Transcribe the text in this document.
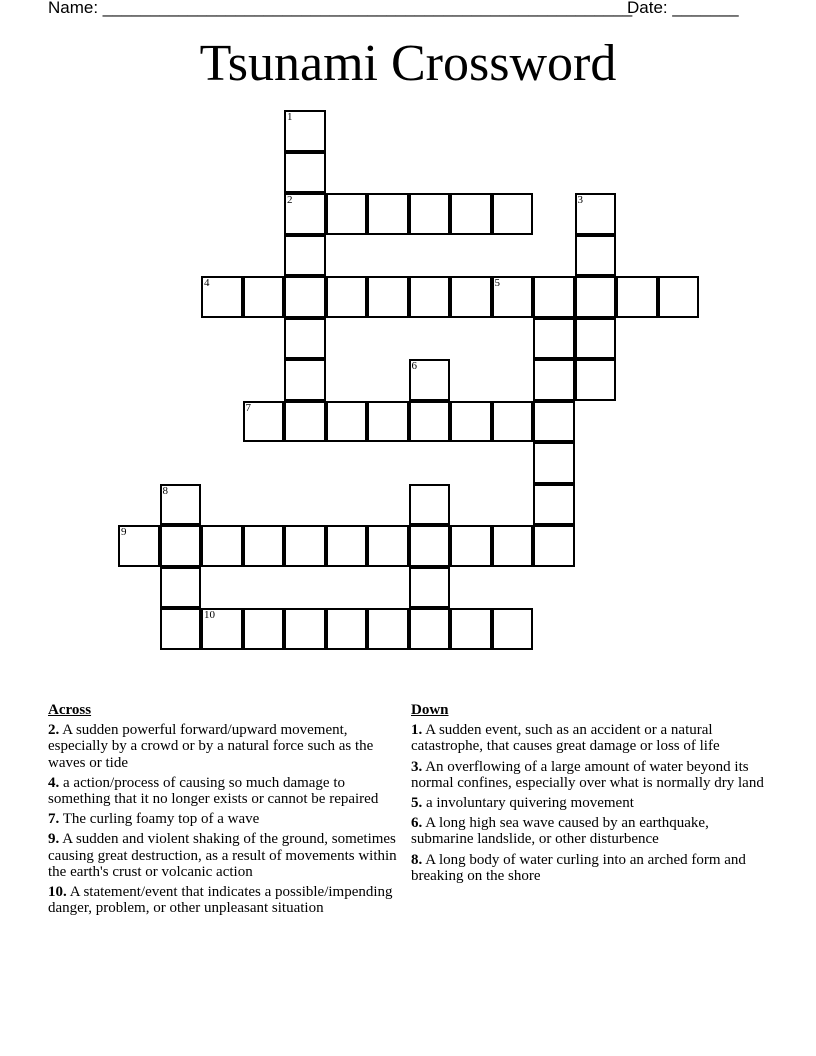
Name: ________________________________________________________
Date: _______
Tsunami Crossword
1
2	3
4	5
6
7
8
9
10
Across
2. A sudden powerful forward/upward movement, especially by a crowd or by a natural force such as the waves or tide
4. a action/process of causing so much damage to something that it no longer exists or cannot be repaired
7. The curling foamy top of a wave
9. A sudden and violent shaking of the ground, sometimes causing great destruction, as a result of movements within the earth's crust or volcanic action
10. A statement/event that indicates a possible/impending danger, problem, or other unpleasant situation
Down
1. A sudden event, such as an accident or a natural catastrophe, that causes great damage or loss of life
3. An overflowing of a large amount of water beyond its normal confines, especially over what is normally dry land
5. a involuntary quivering movement
6. A long high sea wave caused by an earthquake, submarine landslide, or other disturbence
8. A long body of water curling into an arched form and breaking on the shore
